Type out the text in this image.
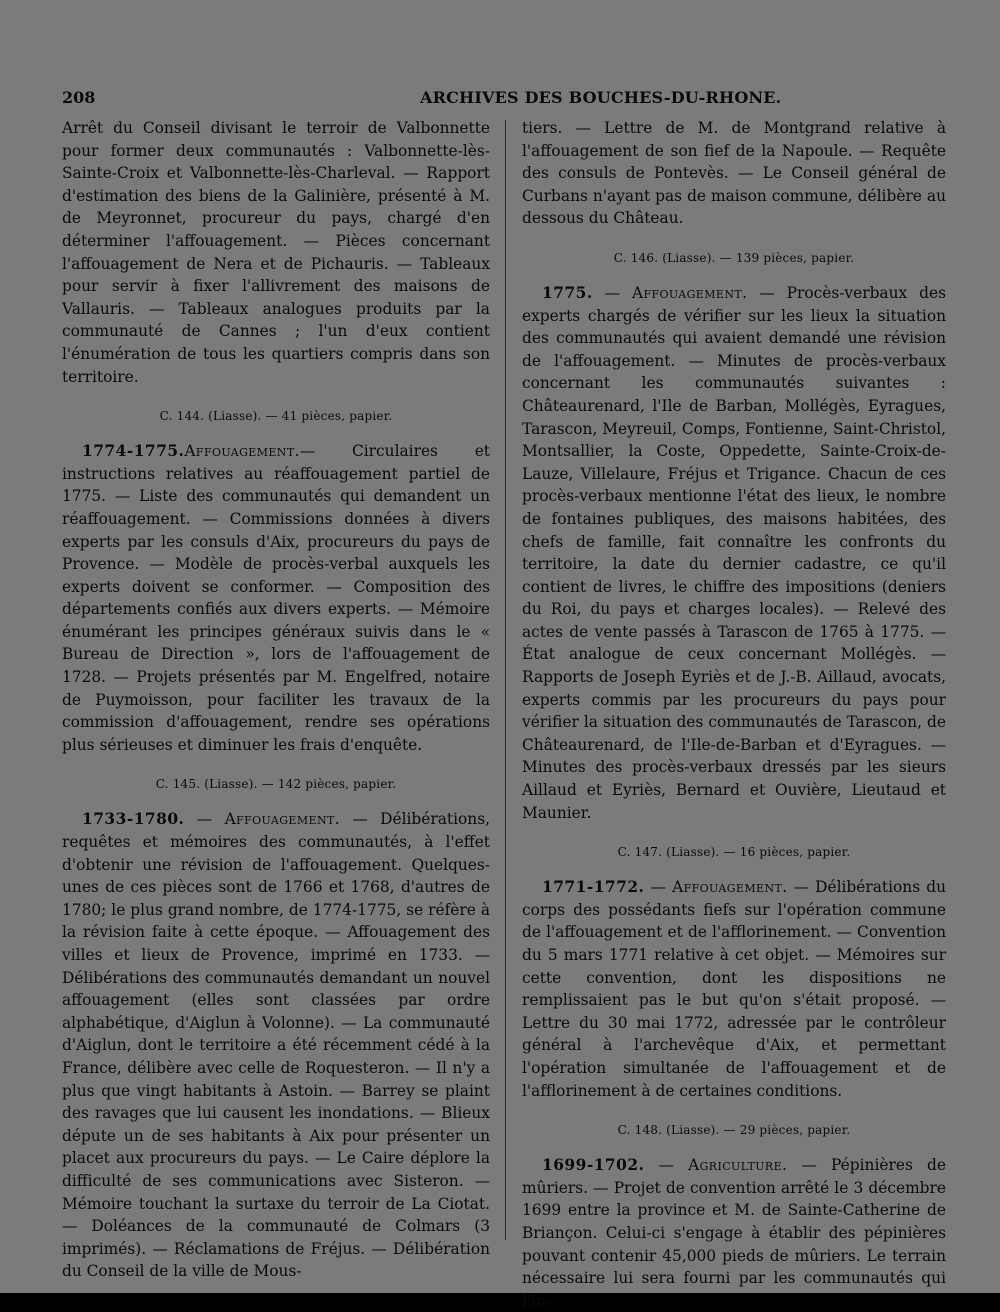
208	ARCHIVES DES BOUCHES-DU-RHONE.

Arrêt du Conseil divisant le terroir de Valbonnette pour former deux communautés : Valbonnette-lès-Sainte-Croix et Valbonnette-lès-Charleval. — Rapport d'estimation des biens de la Galinière, présenté à M. de Meyronnet, procureur du pays, chargé d'en déterminer l'affouagement. — Pièces concernant l'affouagement de Nera et de Pichauris. — Tableaux pour servir à fixer l'allivrement des maisons de Vallauris. — Tableaux analogues produits par la communauté de Cannes ; l'un d'eux contient l'énumération de tous les quartiers compris dans son territoire.

C. 144. (Liasse). — 41 pièces, papier.

1774-1775.Affouagement.— Circulaires et instructions relatives au réaffouagement partiel de 1775. — Liste des communautés qui demandent un réaffouagement. — Commissions données à divers experts par les consuls d'Aix, procureurs du pays de Provence. — Modèle de procès-verbal auxquels les experts doivent se conformer. — Composition des départements confiés aux divers experts. — Mémoire énumérant les principes généraux suivis dans le « Bureau de Direction », lors de l'affouagement de 1728. — Projets présentés par M. Engelfred, notaire de Puymoisson, pour faciliter les travaux de la commission d'affouagement, rendre ses opérations plus sérieuses et diminuer les frais d'enquête.

C. 145. (Liasse). — 142 pièces, papier.

1733-1780. — Affouagement. — Délibérations, requêtes et mémoires des communautés, à l'effet d'obtenir une révision de l'affouagement. Quelques-unes de ces pièces sont de 1766 et 1768, d'autres de 1780; le plus grand nombre, de 1774-1775, se réfère à la révision faite à cette époque. — Affouagement des villes et lieux de Provence, imprimé en 1733. — Délibérations des communautés demandant un nouvel affouagement (elles sont classées par ordre alphabétique, d'Aiglun à Volonne). — La communauté d'Aiglun, dont le territoire a été récemment cédé à la France, délibère avec celle de Roquesteron. — Il n'y a plus que vingt habitants à Astoin. — Barrey se plaint des ravages que lui causent les inondations. — Blieux députe un de ses habitants à Aix pour présenter un placet aux procureurs du pays. — Le Caire déplore la difficulté de ses communications avec Sisteron. — Mémoire touchant la surtaxe du terroir de La Ciotat. — Doléances de la communauté de Colmars (3 imprimés). — Réclamations de Fréjus. — Délibération du Conseil de la ville de Mous-

tiers. — Lettre de M. de Montgrand relative à l'affouagement de son fief de la Napoule. — Requête des consuls de Pontevès. — Le Conseil général de Curbans n'ayant pas de maison commune, délibère au dessous du Château.

C. 146. (Liasse). — 139 pièces, papier.

1775. — Affouagement. — Procès-verbaux des experts chargés de vérifier sur les lieux la situation des communautés qui avaient demandé une révision de l'affouagement. — Minutes de procès-verbaux concernant les communautés suivantes : Châteaurenard, l'Ile de Barban, Mollégès, Eyragues, Tarascon, Meyreuil, Comps, Fontienne, Saint-Christol, Montsallier, la Coste, Oppedette, Sainte-Croix-de-Lauze, Villelaure, Fréjus et Trigance. Chacun de ces procès-verbaux mentionne l'état des lieux, le nombre de fontaines publiques, des maisons habitées, des chefs de famille, fait connaître les confronts du territoire, la date du dernier cadastre, ce qu'il contient de livres, le chiffre des impositions (deniers du Roi, du pays et charges locales). — Relevé des actes de vente passés à Tarascon de 1765 à 1775. — État analogue de ceux concernant Mollégès. — Rapports de Joseph Eyriès et de J.-B. Aillaud, avocats, experts commis par les procureurs du pays pour vérifier la situation des communautés de Tarascon, de Châteaurenard, de l'Ile-de-Barban et d'Eyragues. — Minutes des procès-verbaux dressés par les sieurs Aillaud et Eyriès, Bernard et Ouvière, Lieutaud et Maunier.

C. 147. (Liasse). — 16 pièces, papier.

1771-1772. — Affouagement. — Délibérations du corps des possédants fiefs sur l'opération commune de l'affouagement et de l'afflorinement. — Convention du 5 mars 1771 relative à cet objet. — Mémoires sur cette convention, dont les dispositions ne remplissaient pas le but qu'on s'était proposé. — Lettre du 30 mai 1772, adressée par le contrôleur général à l'archevêque d'Aix, et permettant l'opération simultanée de l'affouagement et de l'afflorinement à de certaines conditions.

C. 148. (Liasse). — 29 pièces, papier.

1699-1702. — Agriculture. — Pépinières de mûriers. — Projet de convention arrêté le 3 décembre 1699 entre la province et M. de Sainte-Catherine de Briançon. Celui-ci s'engage à établir des pépinières pouvant contenir 45,000 pieds de mûriers. Le terrain nécessaire lui sera fourni par les communautés qui l'in-
